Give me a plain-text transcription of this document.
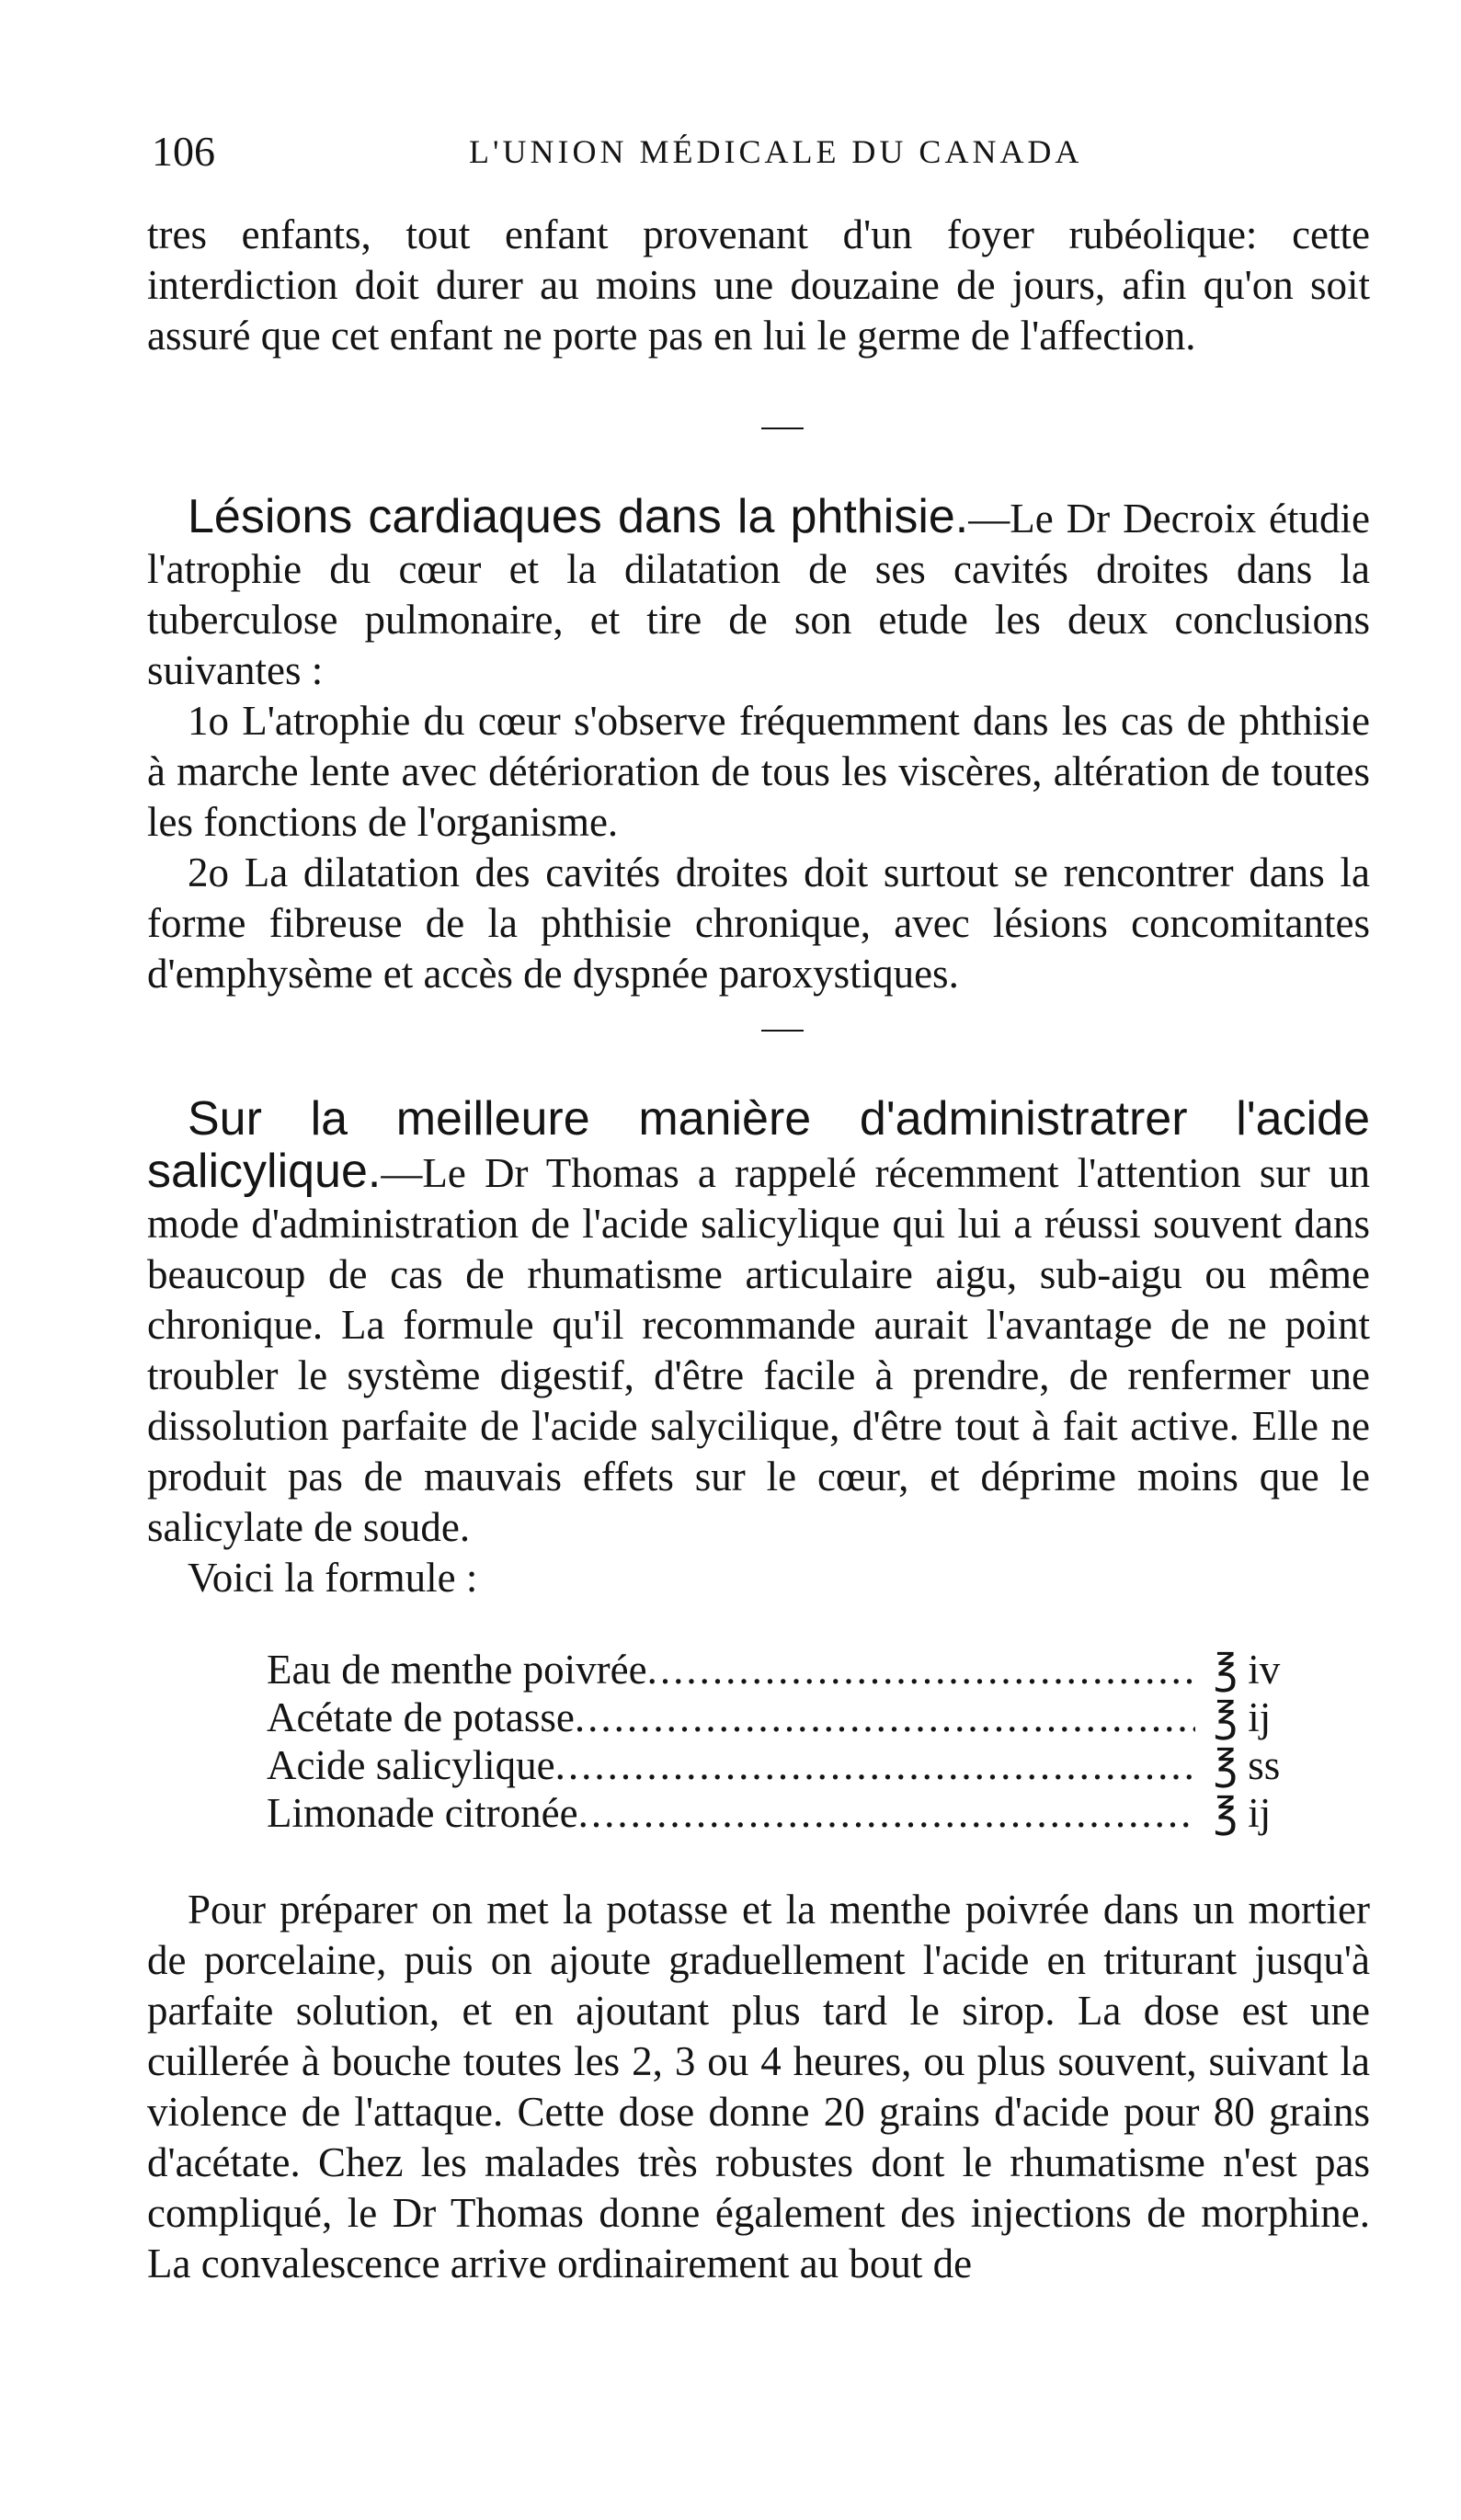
106	L'UNION MÉDICALE DU CANADA

tres enfants, tout enfant provenant d'un foyer rubéolique: cette interdiction doit durer au moins une douzaine de jours, afin qu'on soit assuré que cet enfant ne porte pas en lui le germe de l'affection.

Lésions cardiaques dans la phthisie.—Le Dr Decroix étudie l'atrophie du cœur et la dilatation de ses cavités droites dans la tuberculose pulmonaire, et tire de son etude les deux conclusions suivantes :

1o L'atrophie du cœur s'observe fréquemment dans les cas de phthisie à marche lente avec détérioration de tous les viscères, altération de toutes les fonctions de l'organisme.

2o La dilatation des cavités droites doit surtout se rencontrer dans la forme fibreuse de la phthisie chronique, avec lésions concomitantes d'emphysème et accès de dyspnée paroxystiques.

Sur la meilleure manière d'administratrer l'acide salicylique.—Le Dr Thomas a rappelé récemment l'attention sur un mode d'administration de l'acide salicylique qui lui a réussi souvent dans beaucoup de cas de rhumatisme articulaire aigu, sub-aigu ou même chronique. La formule qu'il recommande aurait l'avantage de ne point troubler le système digestif, d'être facile à prendre, de renfermer une dissolution parfaite de l'acide salycilique, d'être tout à fait active. Elle ne produit pas de mauvais effets sur le cœur, et déprime moins que le salicylate de soude.

Voici la formule :

Eau de menthe poivrée .....	℥ iv
Acétate de potasse .....	℥ ij
Acide salicylique .....	℥ ss
Limonade citronée .....	℥ ij

Pour préparer on met la potasse et la menthe poivrée dans un mortier de porcelaine, puis on ajoute graduellement l'acide en triturant jusqu'à parfaite solution, et en ajoutant plus tard le sirop. La dose est une cuillerée à bouche toutes les 2, 3 ou 4 heures, ou plus souvent, suivant la violence de l'attaque. Cette dose donne 20 grains d'acide pour 80 grains d'acétate. Chez les malades très robustes dont le rhumatisme n'est pas compliqué, le Dr Thomas donne également des injections de morphine. La convalescence arrive ordinairement au bout de
